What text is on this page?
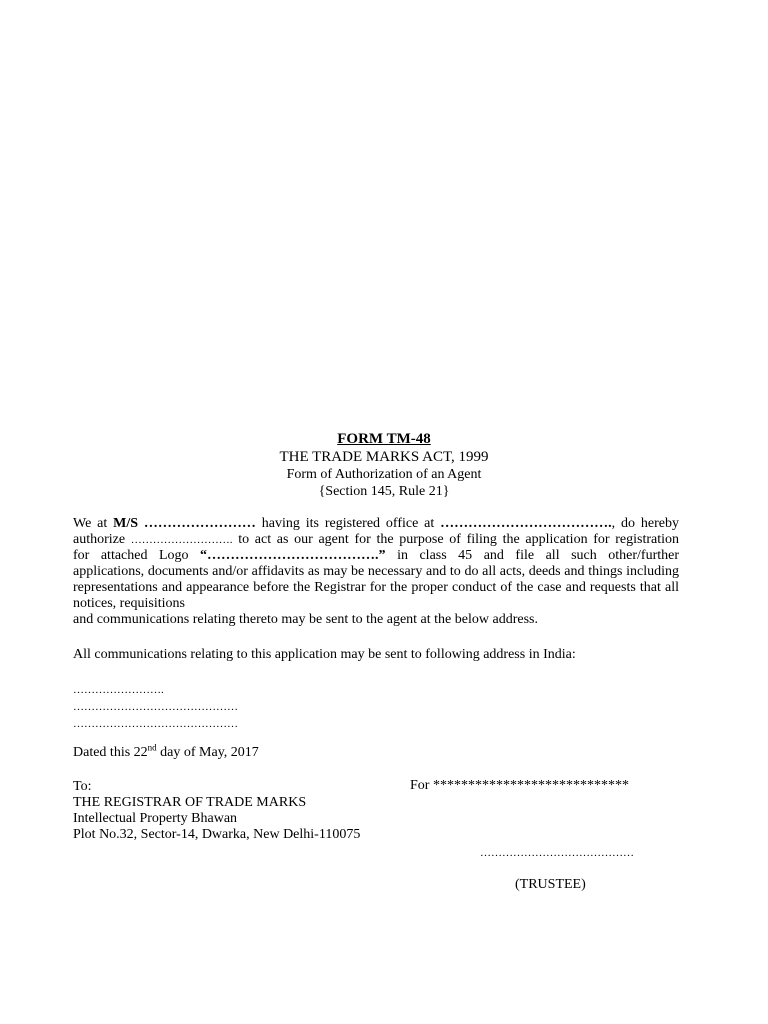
FORM TM-48
THE TRADE MARKS ACT, 1999
Form of Authorization of an Agent
{Section 145, Rule 21}
We at M/S …………………… having its registered office at ………………………………., do hereby
authorize ………………………. to act as our agent for the purpose of filing the application for registration
for attached Logo “……………………………….” in class 45 and file all such other/further
applications, documents and/or affidavits as may be necessary and to do all acts, deeds and things including
representations and appearance before the Registrar for the proper conduct of the case and requests that all
notices, requisitions
and communications relating thereto may be sent to the agent at the below address.
All communications relating to this application may be sent to following address in India:
…………………….
………………………………………
………………………………………
Dated this 22nd day of May, 2017
To:
THE REGISTRAR OF TRADE MARKS
Intellectual Property Bhawan
Plot No.32, Sector-14, Dwarka, New Delhi-110075
For ****************************
……………………………………
(TRUSTEE)
